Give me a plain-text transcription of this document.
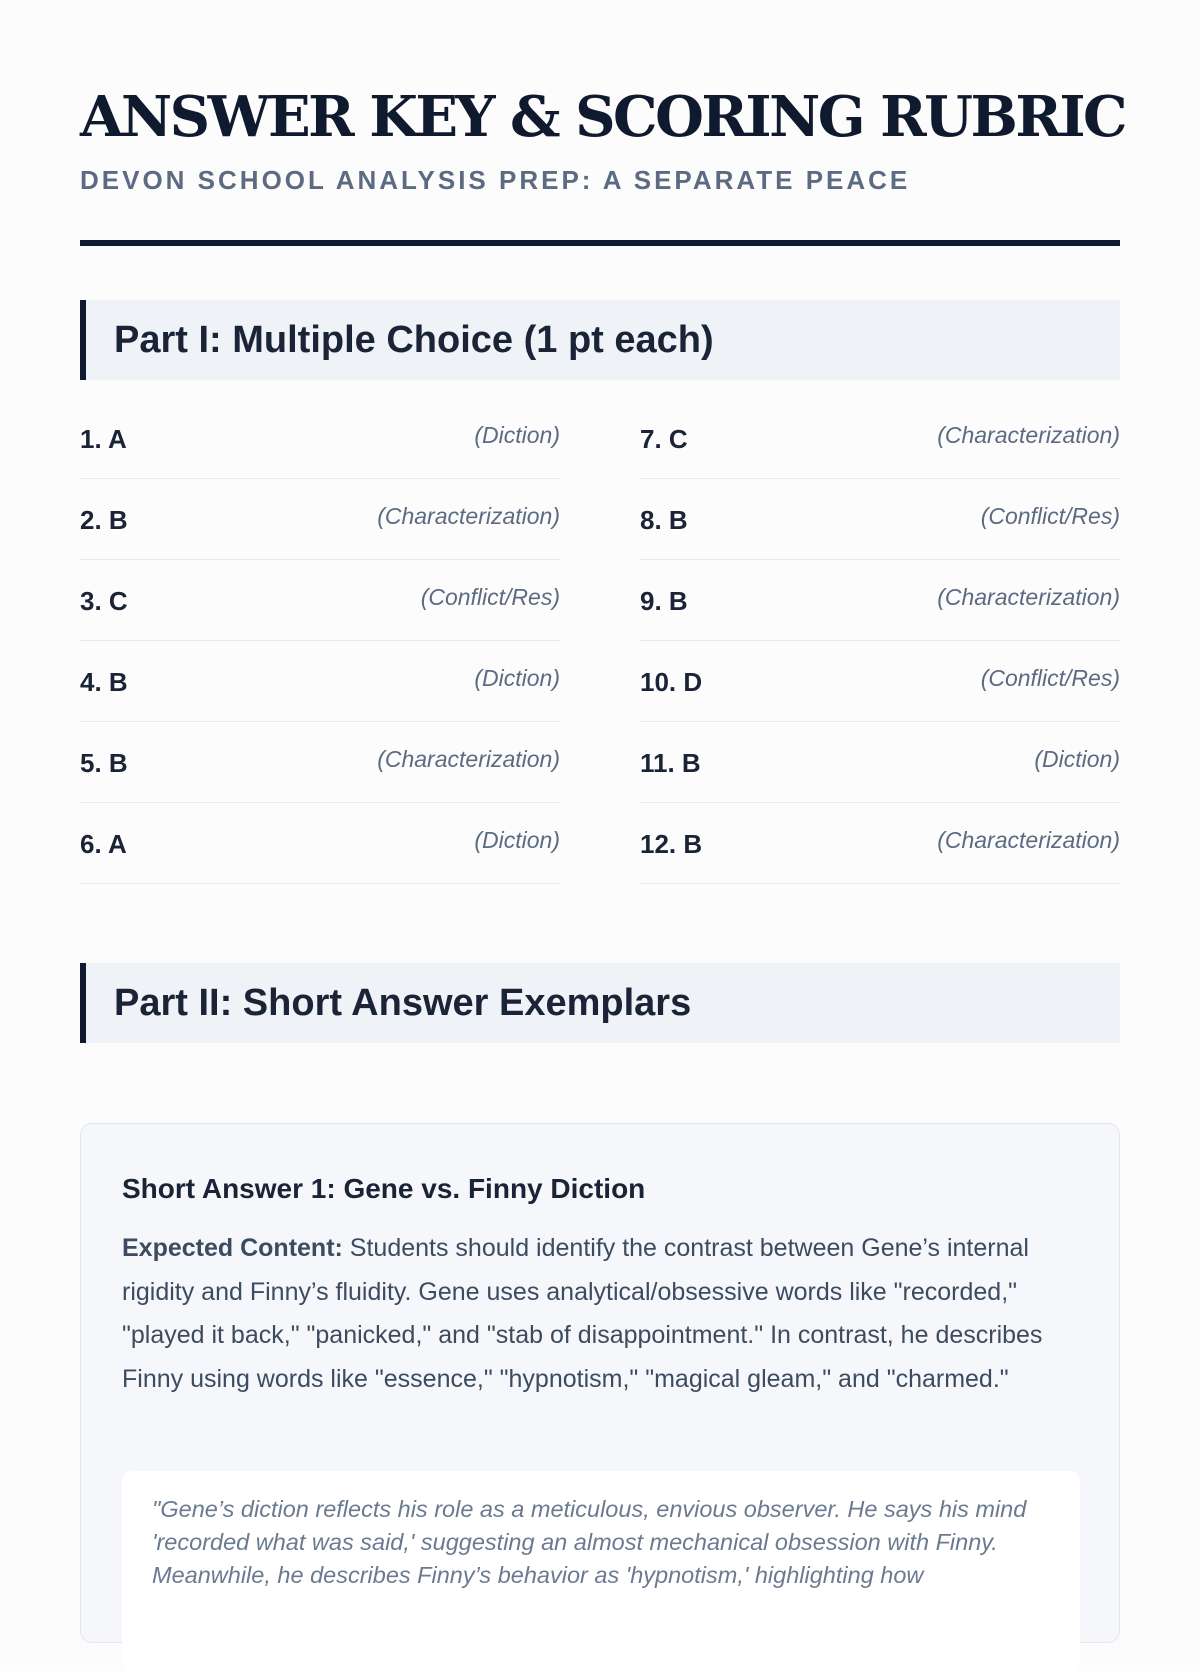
ANSWER KEY & SCORING RUBRIC
DEVON SCHOOL ANALYSIS PREP: A SEPARATE PEACE
Part I: Multiple Choice (1 pt each)
1. A	(Diction)
2. B	(Characterization)
3. C	(Conflict/Res)
4. B	(Diction)
5. B	(Characterization)
6. A	(Diction)
7. C	(Characterization)
8. B	(Conflict/Res)
9. B	(Characterization)
10. D	(Conflict/Res)
11. B	(Diction)
12. B	(Characterization)
Part II: Short Answer Exemplars
Short Answer 1: Gene vs. Finny Diction

Expected Content: Students should identify the contrast between Gene’s internal rigidity and Finny’s fluidity. Gene uses analytical/obsessive words like "recorded," "played it back," "panicked," and "stab of disappointment." In contrast, he describes Finny using words like "essence," "hypnotism," "magical gleam," and "charmed."

"Gene’s diction reflects his role as a meticulous, envious observer. He says his mind 'recorded what was said,' suggesting an almost mechanical obsession with Finny. Meanwhile, he describes Finny’s behavior as 'hypnotism,' highlighting how
